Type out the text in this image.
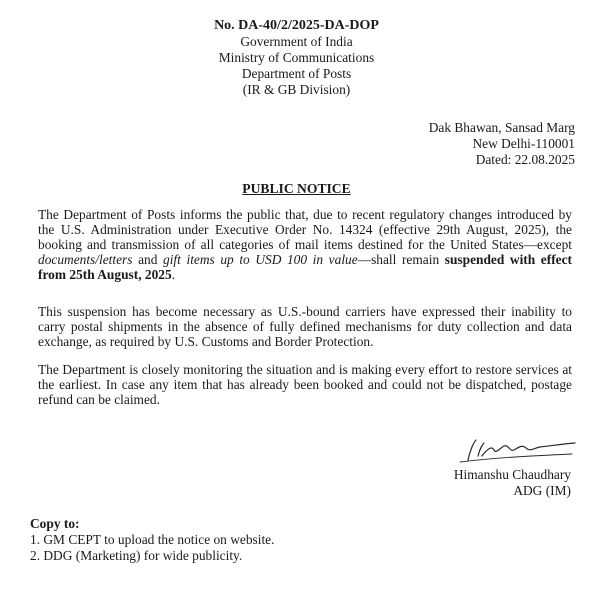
No. DA-40/2/2025-DA-DOP
Government of India
Ministry of Communications
Department of Posts
(IR & GB Division)
Dak Bhawan, Sansad Marg
New Delhi-110001
Dated: 22.08.2025
PUBLIC NOTICE
The Department of Posts informs the public that, due to recent regulatory changes introduced by the U.S. Administration under Executive Order No. 14324 (effective 29th August, 2025), the booking and transmission of all categories of mail items destined for the United States—except documents/letters and gift items up to USD 100 in value—shall remain suspended with effect from 25th August, 2025.
This suspension has become necessary as U.S.-bound carriers have expressed their inability to carry postal shipments in the absence of fully defined mechanisms for duty collection and data exchange, as required by U.S. Customs and Border Protection.
The Department is closely monitoring the situation and is making every effort to restore services at the earliest. In case any item that has already been booked and could not be dispatched, postage refund can be claimed.
Himanshu Chaudhary
ADG (IM)
Copy to:
1. GM CEPT to upload the notice on website.
2. DDG (Marketing) for wide publicity.
